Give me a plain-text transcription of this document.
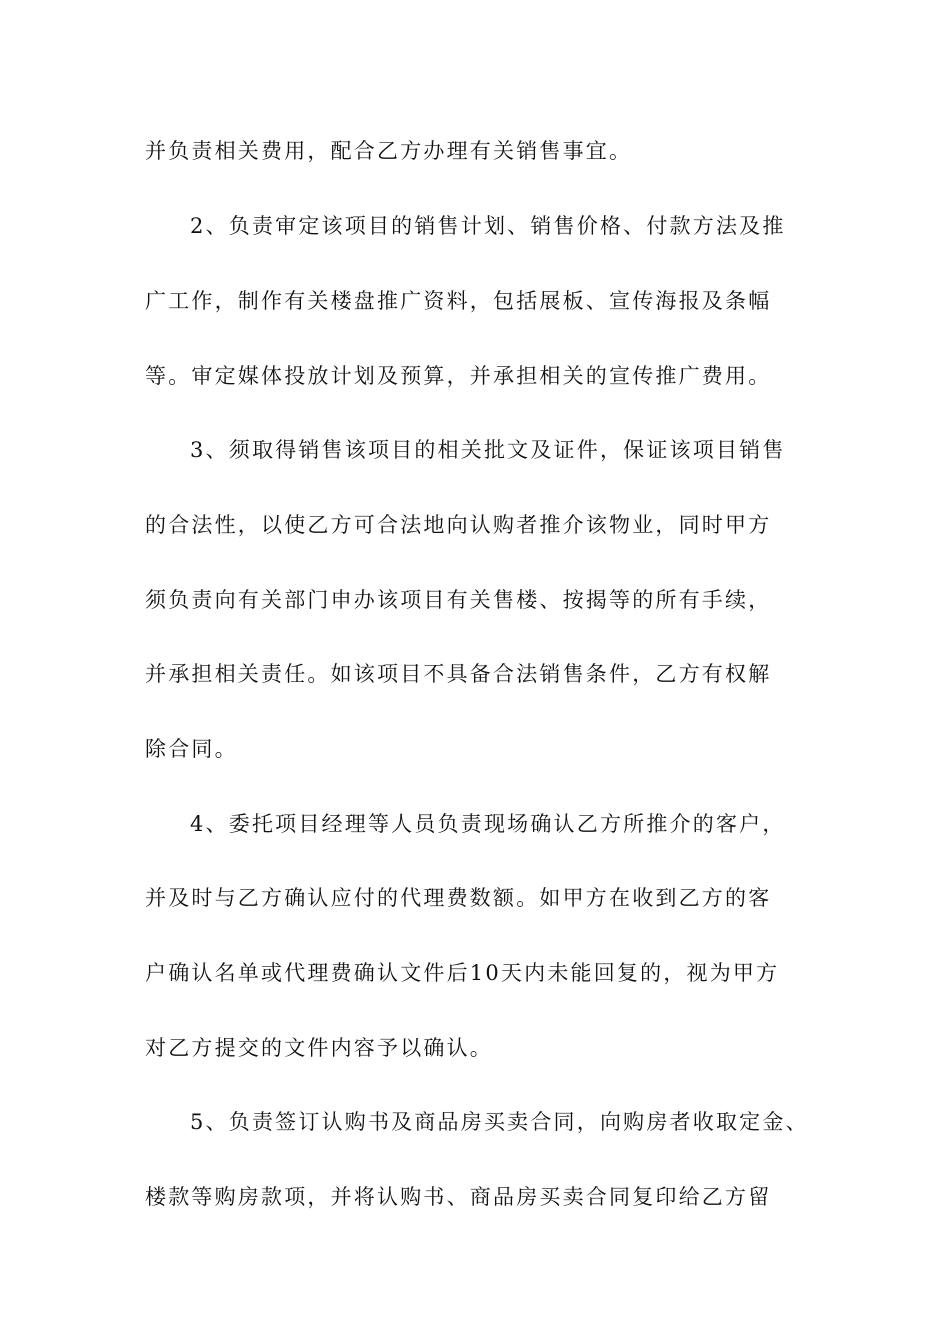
并负责相关费用，配合乙方办理有关销售事宜。
2、负责审定该项目的销售计划、销售价格、付款方法及推
广工作，制作有关楼盘推广资料，包括展板、宣传海报及条幅
等。审定媒体投放计划及预算，并承担相关的宣传推广费用。
3、须取得销售该项目的相关批文及证件，保证该项目销售
的合法性，以使乙方可合法地向认购者推介该物业，同时甲方
须负责向有关部门申办该项目有关售楼、按揭等的所有手续，
并承担相关责任。如该项目不具备合法销售条件，乙方有权解
除合同。
4、委托项目经理等人员负责现场确认乙方所推介的客户，
并及时与乙方确认应付的代理费数额。如甲方在收到乙方的客
户确认名单或代理费确认文件后10天内未能回复的，视为甲方
对乙方提交的文件内容予以确认。
5、负责签订认购书及商品房买卖合同，向购房者收取定金、
楼款等购房款项，并将认购书、商品房买卖合同复印给乙方留
